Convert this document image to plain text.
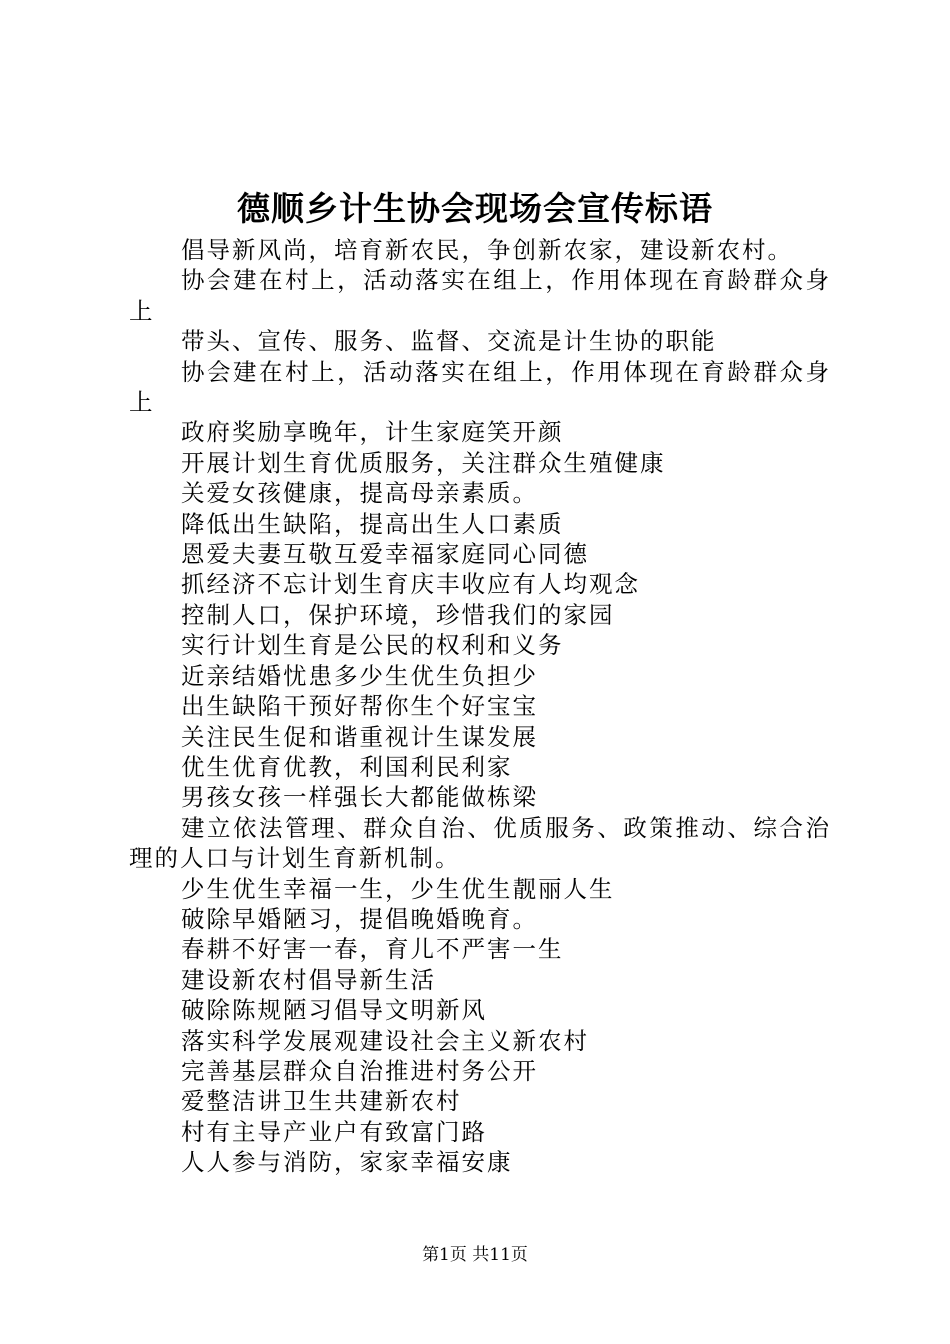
德顺乡计生协会现场会宣传标语

倡导新风尚，培育新农民，争创新农家，建设新农村。

协会建在村上，活动落实在组上，作用体现在育龄群众身上

带头、宣传、服务、监督、交流是计生协的职能

协会建在村上，活动落实在组上，作用体现在育龄群众身上

政府奖励享晚年，计生家庭笑开颜

开展计划生育优质服务，关注群众生殖健康

关爱女孩健康，提高母亲素质。

降低出生缺陷，提高出生人口素质

恩爱夫妻互敬互爱幸福家庭同心同德

抓经济不忘计划生育庆丰收应有人均观念

控制人口，保护环境，珍惜我们的家园

实行计划生育是公民的权利和义务

近亲结婚忧患多少生优生负担少

出生缺陷干预好帮你生个好宝宝

关注民生促和谐重视计生谋发展

优生优育优教，利国利民利家

男孩女孩一样强长大都能做栋梁

建立依法管理、群众自治、优质服务、政策推动、综合治理的人口与计划生育新机制。

少生优生幸福一生，少生优生靓丽人生

破除早婚陋习，提倡晚婚晚育。

春耕不好害一春，育儿不严害一生

建设新农村倡导新生活

破除陈规陋习倡导文明新风

落实科学发展观建设社会主义新农村

完善基层群众自治推进村务公开

爱整洁讲卫生共建新农村

村有主导产业户有致富门路

人人参与消防，家家幸福安康

第1页 共11页
